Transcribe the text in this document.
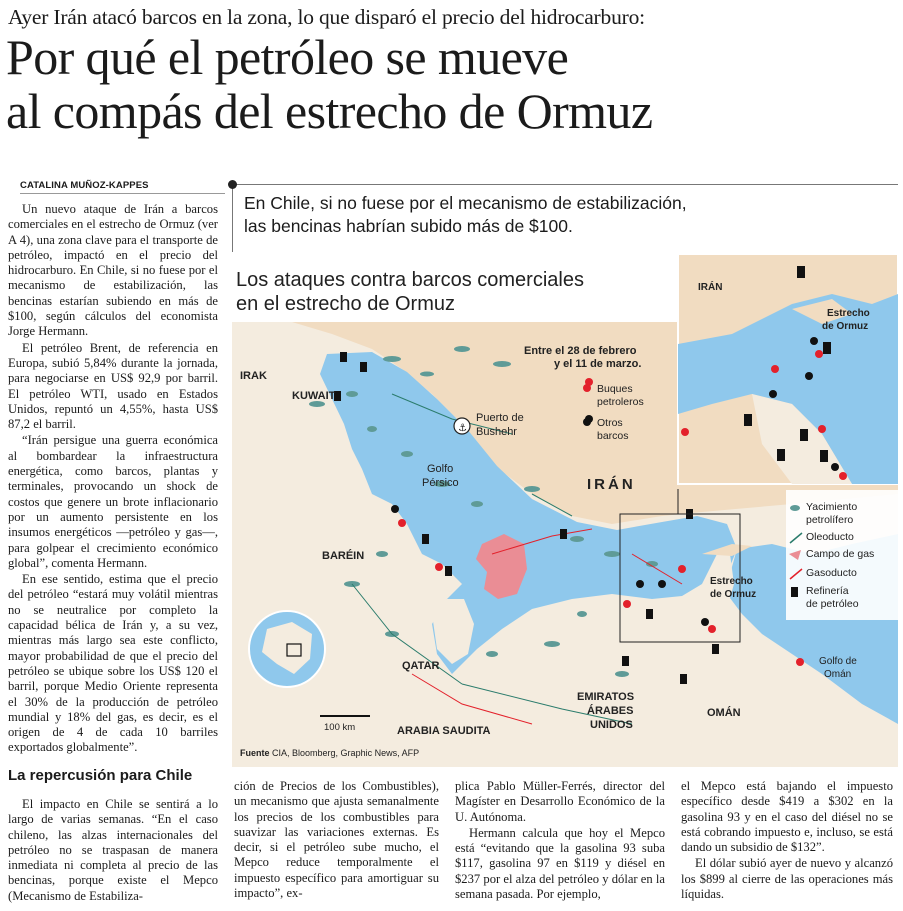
Ayer Irán atacó barcos en la zona, lo que disparó el precio del hidrocarburo:
Por qué el petróleo se mueve
al compás del estrecho de Ormuz
CATALINA MUÑOZ-KAPPES

Un nuevo ataque de Irán a barcos comerciales en el estrecho de Ormuz (ver A 4), una zona clave para el transporte de petróleo, impactó en el precio del hidrocarburo. En Chile, si no fuese por el mecanismo de estabilización, las bencinas estarían subiendo en más de $100, según cálculos del economista Jorge Hermann.

El petróleo Brent, de referencia en Europa, subió 5,84% durante la jornada, para negociarse en US$ 92,9 por barril. El petróleo WTI, usado en Estados Unidos, repuntó un 4,55%, hasta US$ 87,2 el barril.

“Irán persigue una guerra económica al bombardear la infraestructura energética, como barcos, plantas y terminales, provocando un shock de costos que genere un brote inflacionario por un aumento persistente en los insumos energéticos —petróleo y gas—, para golpear el crecimiento económico global”, comenta Hermann.

En ese sentido, estima que el precio del petróleo “estará muy volátil mientras no se neutralice por completo la capacidad bélica de Irán y, a su vez, mientras más largo sea este conflicto, mayor probabilidad de que el precio del petróleo se ubique sobre los US$ 120 el barril, porque Medio Oriente representa el 30% de la producción de petróleo mundial y 18% del gas, es decir, es el origen de 4 de cada 10 barriles exportados globalmente”.

La repercusión para Chile

El impacto en Chile se sentirá a lo largo de varias semanas. “En el caso chileno, las alzas internacionales del petróleo no se traspasan de manera inmediata ni completa al precio de las bencinas, porque existe el Mepco (Mecanismo de Estabiliza-

ción de Precios de los Combustibles), un mecanismo que ajusta semanalmente los precios de los combustibles para suavizar las variaciones externas. Es decir, si el petróleo sube mucho, el Mepco reduce temporalmente el impuesto específico para amortiguar su impacto”, ex-

plica Pablo Müller-Ferrés, director del Magíster en Desarrollo Económico de la U. Autónoma.

Hermann calcula que hoy el Mepco está “evitando que la gasolina 93 suba $117, gasolina 97 en $119 y diésel en $237 por el alza del petróleo y dólar en la semana pasada. Por ejemplo,

el Mepco está bajando el impuesto específico desde $419 a $302 en la gasolina 93 y en el caso del diésel no se está cobrando impuesto e, incluso, se está dando un subsidio de $132”.

El dólar subió ayer de nuevo y alcanzó los $899 al cierre de las operaciones más líquidas.

En Chile, si no fuese por el mecanismo de estabilización,
las bencinas habrían subido más de $100.
⚓
IRAK
KUWAIT
IRÁN
Golfo
Pérsico
Puerto de
Bushehr
BARÉIN
QATAR
EMIRATOS
ÁRABES
UNIDOS
ARABIA SAUDITA
OMÁN
Golfo de
Omán
Estrecho
de Ormuz
IRÁN
Estrecho
de Ormuz
100 km
Entre el 28 de febrero
y el 11 de marzo.
Buques
petroleros
Otros
barcos
Yacimiento
petrolífero
Oleoducto
Campo de gas
Gasoducto
Refinería
de petróleo
Los ataques contra barcos comerciales
en el estrecho de Ormuz
Fuente CIA, Bloomberg, Graphic News, AFP
